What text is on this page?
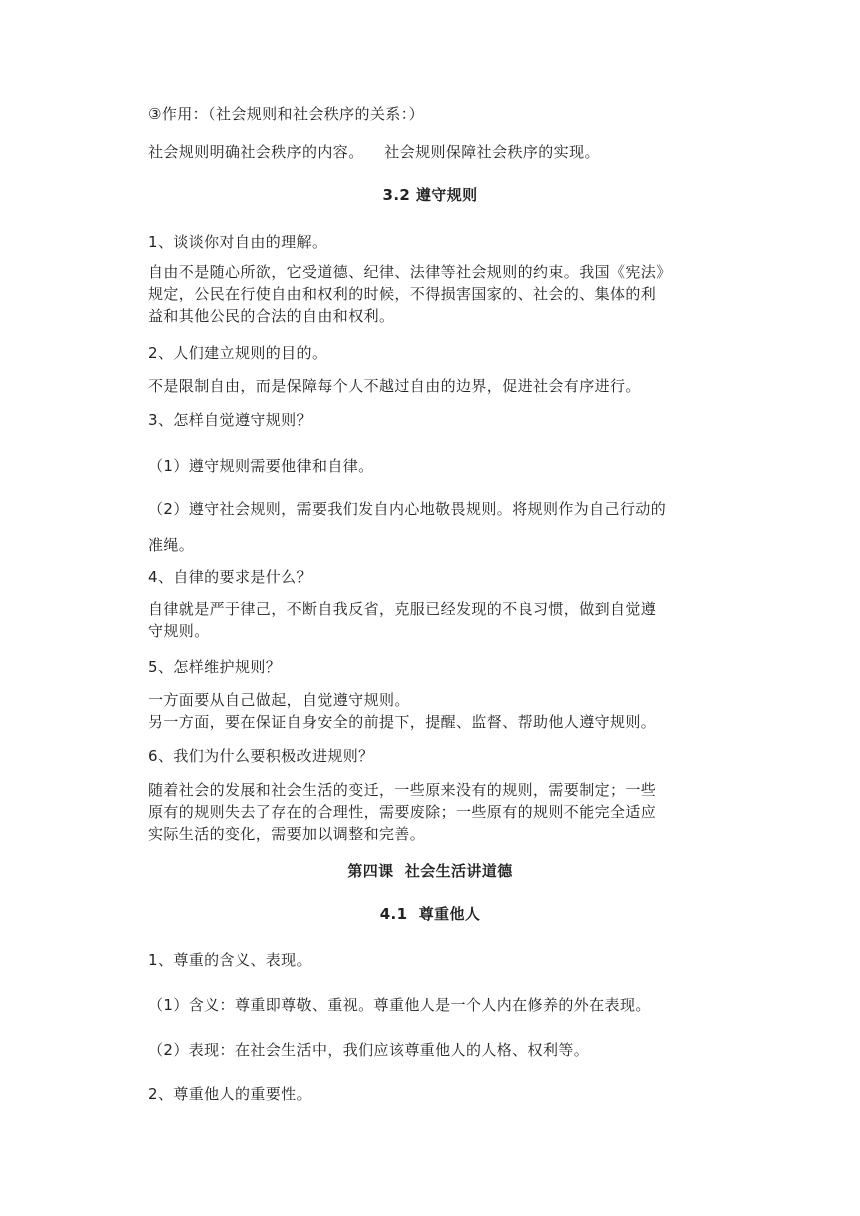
③作用：（社会规则和社会秩序的关系：）
社会规则明确社会秩序的内容。    社会规则保障社会秩序的实现。
3.2 遵守规则
1、谈谈你对自由的理解。
自由不是随心所欲，它受道德、纪律、法律等社会规则的约束。我国《宪法》
规定，公民在行使自由和权利的时候，不得损害国家的、社会的、集体的利
益和其他公民的合法的自由和权利。
2、人们建立规则的目的。
不是限制自由，而是保障每个人不越过自由的边界，促进社会有序进行。
3、怎样自觉遵守规则？
（1）遵守规则需要他律和自律。
（2）遵守社会规则，需要我们发自内心地敬畏规则。将规则作为自己行动的
准绳。
4、自律的要求是什么？
自律就是严于律己，不断自我反省，克服已经发现的不良习惯，做到自觉遵
守规则。
5、怎样维护规则？
一方面要从自己做起，自觉遵守规则。
另一方面，要在保证自身安全的前提下，提醒、监督、帮助他人遵守规则。
6、我们为什么要积极改进规则？
随着社会的发展和社会生活的变迁，一些原来没有的规则，需要制定；一些
原有的规则失去了存在的合理性，需要废除；一些原有的规则不能完全适应
实际生活的变化，需要加以调整和完善。
第四课  社会生活讲道德
4.1  尊重他人
1、尊重的含义、表现。
（1）含义：尊重即尊敬、重视。尊重他人是一个人内在修养的外在表现。
（2）表现：在社会生活中，我们应该尊重他人的人格、权利等。
2、尊重他人的重要性。
